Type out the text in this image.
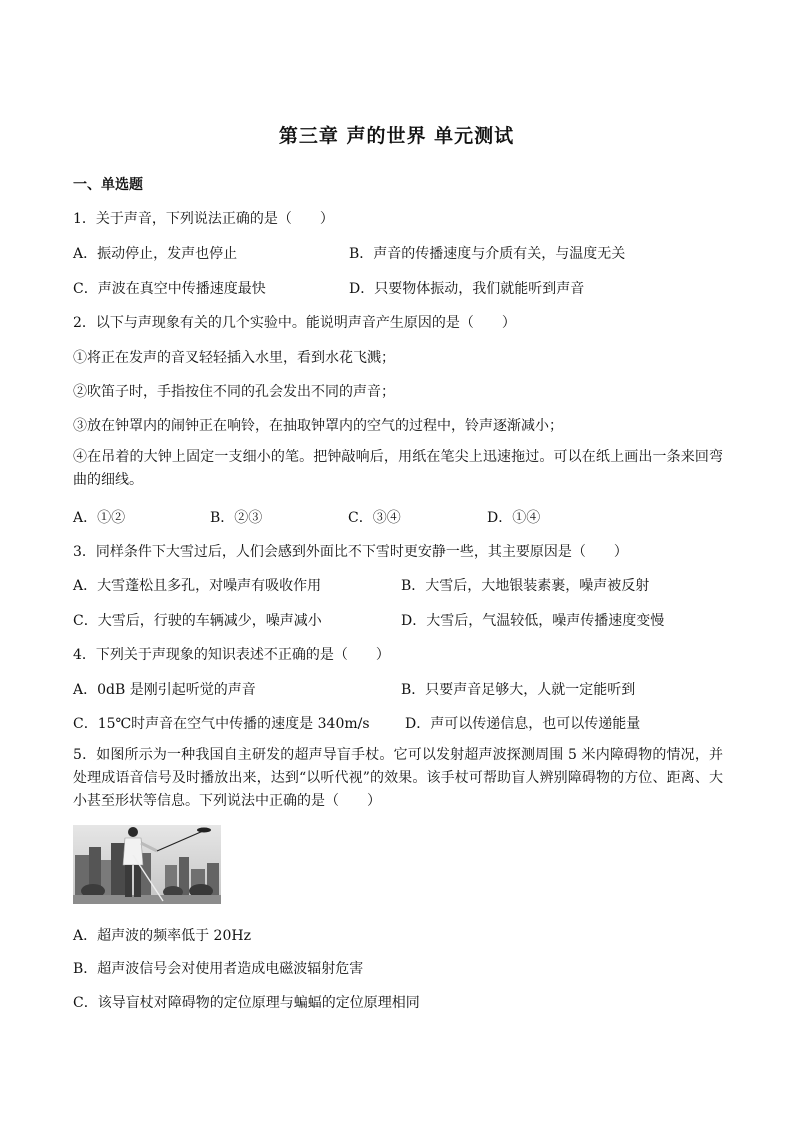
第三章 声的世界 单元测试
一、单选题
1．关于声音，下列说法正确的是（　　）
A．振动停止，发声也停止	B．声音的传播速度与介质有关，与温度无关
C．声波在真空中传播速度最快	D．只要物体振动，我们就能听到声音
2．以下与声现象有关的几个实验中。能说明声音产生原因的是（　　）
①将正在发声的音叉轻轻插入水里，看到水花飞溅；
②吹笛子时，手指按住不同的孔会发出不同的声音；
③放在钟罩内的闹钟正在响铃，在抽取钟罩内的空气的过程中，铃声逐渐减小；
④在吊着的大钟上固定一支细小的笔。把钟敲响后，用纸在笔尖上迅速拖过。可以在纸上画出一条来回弯曲的细线。
A．①②	B．②③	C．③④	D．①④
3．同样条件下大雪过后，人们会感到外面比不下雪时更安静一些，其主要原因是（　　）
A．大雪蓬松且多孔，对噪声有吸收作用	B．大雪后，大地银装素裹，噪声被反射
C．大雪后，行驶的车辆减少，噪声减小	D．大雪后，气温较低，噪声传播速度变慢
4．下列关于声现象的知识表述不正确的是（　　）
A．0dB 是刚引起听觉的声音	B．只要声音足够大，人就一定能听到
C．15℃时声音在空气中传播的速度是 340m/s	D．声可以传递信息，也可以传递能量
5．如图所示为一种我国自主研发的超声导盲手杖。它可以发射超声波探测周围 5 米内障碍物的情况，并处理成语音信号及时播放出来，达到“以听代视”的效果。该手杖可帮助盲人辨别障碍物的方位、距离、大小甚至形状等信息。下列说法中正确的是（　　）
A．超声波的频率低于 20Hz
B．超声波信号会对使用者造成电磁波辐射危害
C．该导盲杖对障碍物的定位原理与蝙蝠的定位原理相同
